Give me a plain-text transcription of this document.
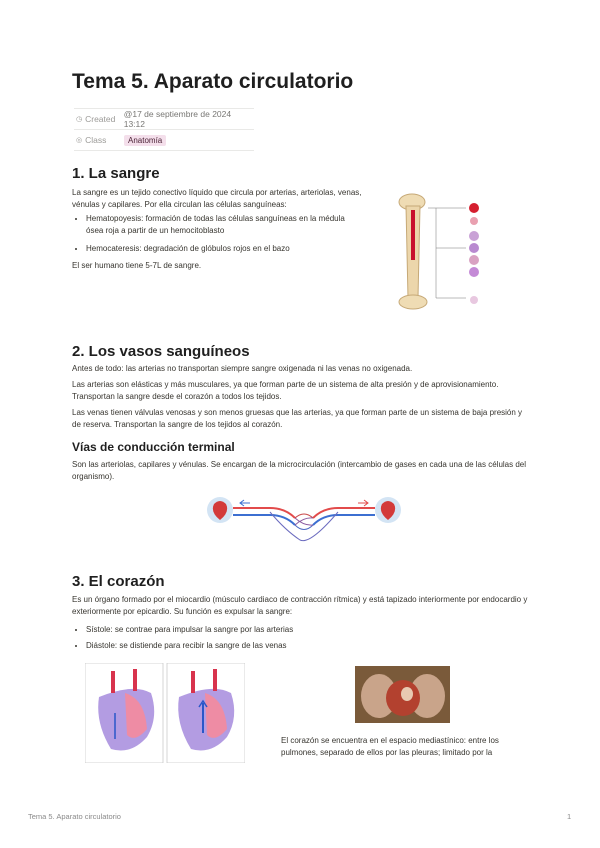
Tema 5. Aparato circulatorio
◷ Created @17 de septiembre de 2024 13:12
◎ Class	Anatomía
1. La sangre

La sangre es un tejido conectivo líquido que circula por arterias, arteriolas, venas, vénulas y capilares. Por ella circulan las células sanguíneas:

• Hematopoyesis: formación de todas las células sanguíneas en la médula ósea roja a partir de un hemocitoblasto
• Hemocateresis: degradación de glóbulos rojos en el bazo

El ser humano tiene 5-7L de sangre.

2. Los vasos sanguíneos

Antes de todo: las arterias no transportan siempre sangre oxigenada ni las venas no oxigenada.

Las arterias son elásticas y más musculares, ya que forman parte de un sistema de alta presión y de aprovisionamiento. Transportan la sangre desde el corazón a todos los tejidos.

Las venas tienen válvulas venosas y son menos gruesas que las arterias, ya que forman parte de un sistema de baja presión y de reserva. Transportan la sangre de los tejidos al corazón.

Vías de conducción terminal

Son las arteriolas, capilares y vénulas. Se encargan de la microcirculación (intercambio de gases en cada una de las células del organismo).

3. El corazón

Es un órgano formado por el miocardio (músculo cardiaco de contracción rítmica) y está tapizado interiormente por endocardio y exteriormente por epicardio. Su función es expulsar la sangre:

• Sístole: se contrae para impulsar la sangre por las arterias
• Diástole: se distiende para recibir la sangre de las venas

El corazón se encuentra en el espacio mediastínico: entre los pulmones, separado de ellos por las pleuras; limitado por la

Tema 5. Aparato circulatorio	1
